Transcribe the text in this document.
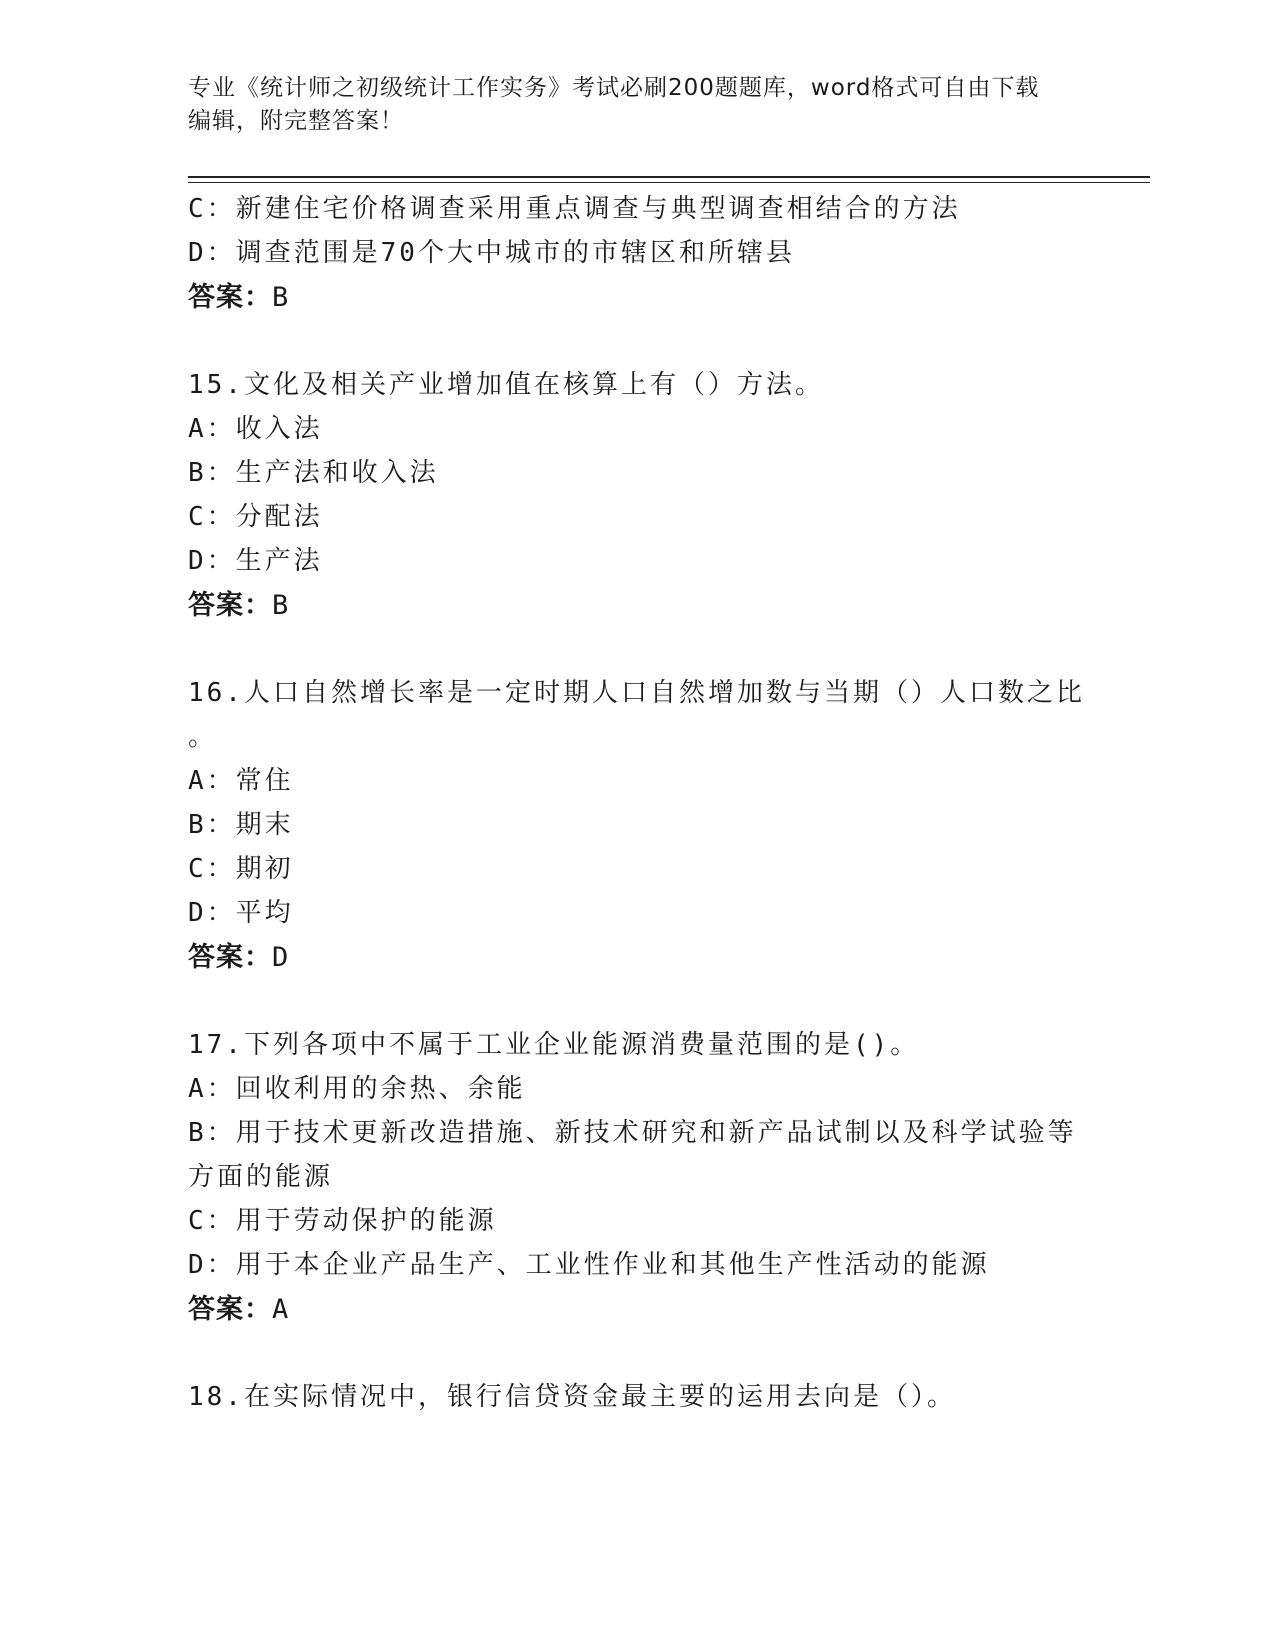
专业《统计师之初级统计工作实务》考试必刷200题题库，word格式可自由下载
编辑，附完整答案！
C：新建住宅价格调查采用重点调查与典型调查相结合的方法
D：调查范围是70个大中城市的市辖区和所辖县
答案：B
15.文化及相关产业增加值在核算上有（）方法。
A：收入法
B：生产法和收入法
C：分配法
D：生产法
答案：B
16.人口自然增长率是一定时期人口自然增加数与当期（）人口数之比
。
A：常住
B：期末
C：期初
D：平均
答案：D
17.下列各项中不属于工业企业能源消费量范围的是()。
A：回收利用的余热、余能
B：用于技术更新改造措施、新技术研究和新产品试制以及科学试验等
方面的能源
C：用于劳动保护的能源
D：用于本企业产品生产、工业性作业和其他生产性活动的能源
答案：A
18.在实际情况中，银行信贷资金最主要的运用去向是（）。
